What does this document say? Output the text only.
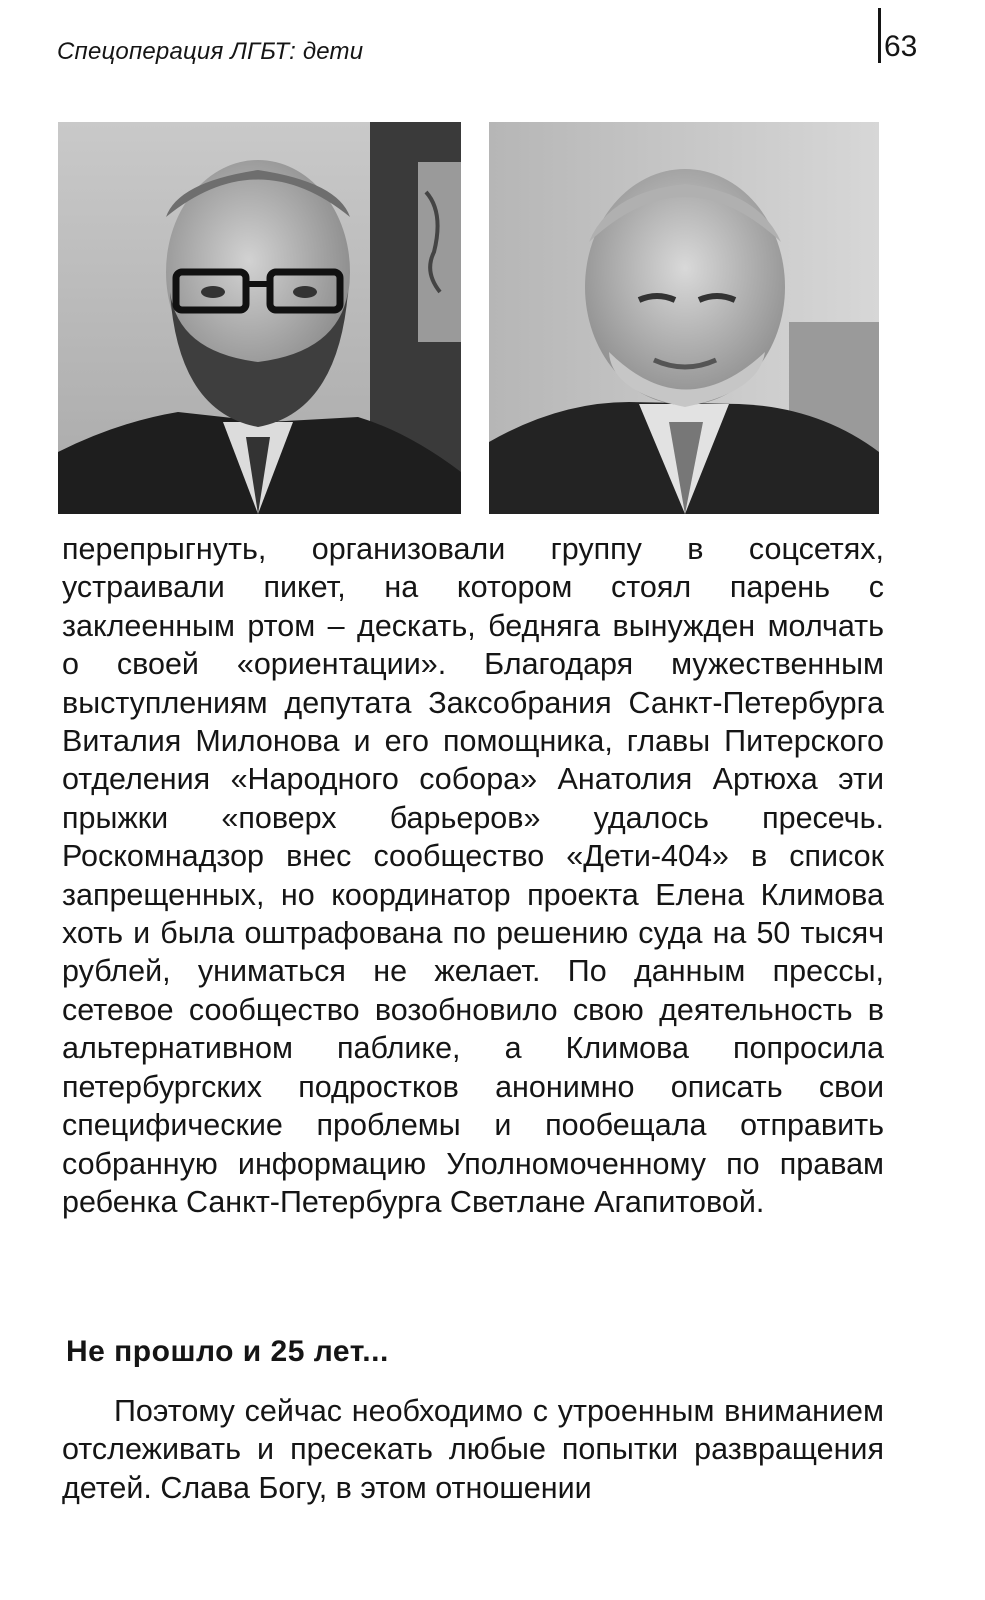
Спецоперация ЛГБТ: дети	63

перепрыгнуть, организовали группу в соцсетях, устраивали пикет, на котором стоял парень с заклеенным ртом – дескать, бедняга вынужден молчать о своей «ориентации». Благодаря мужественным выступлениям депутата Заксобрания Санкт-Петербурга Виталия Милонова и его помощника, главы Питерского отделения «Народного собора» Анатолия Артюха эти прыжки «поверх барьеров» удалось пресечь. Роскомнадзор внес сообщество «Дети-404» в список запрещенных, но координатор проекта Елена Климова хоть и была оштрафована по решению суда на 50 тысяч рублей, униматься не желает. По данным прессы, сетевое сообщество возобновило свою деятельность в альтернативном паблике, а Климова попросила петербургских подростков анонимно описать свои специфические проблемы и пообещала отправить собранную информацию Уполномоченному по правам ребенка Санкт-Петербурга Светлане Агапитовой.

Не прошло и 25 лет...

Поэтому сейчас необходимо с утроенным вниманием отслеживать и пресекать любые попытки развращения детей. Слава Богу, в этом отношении
